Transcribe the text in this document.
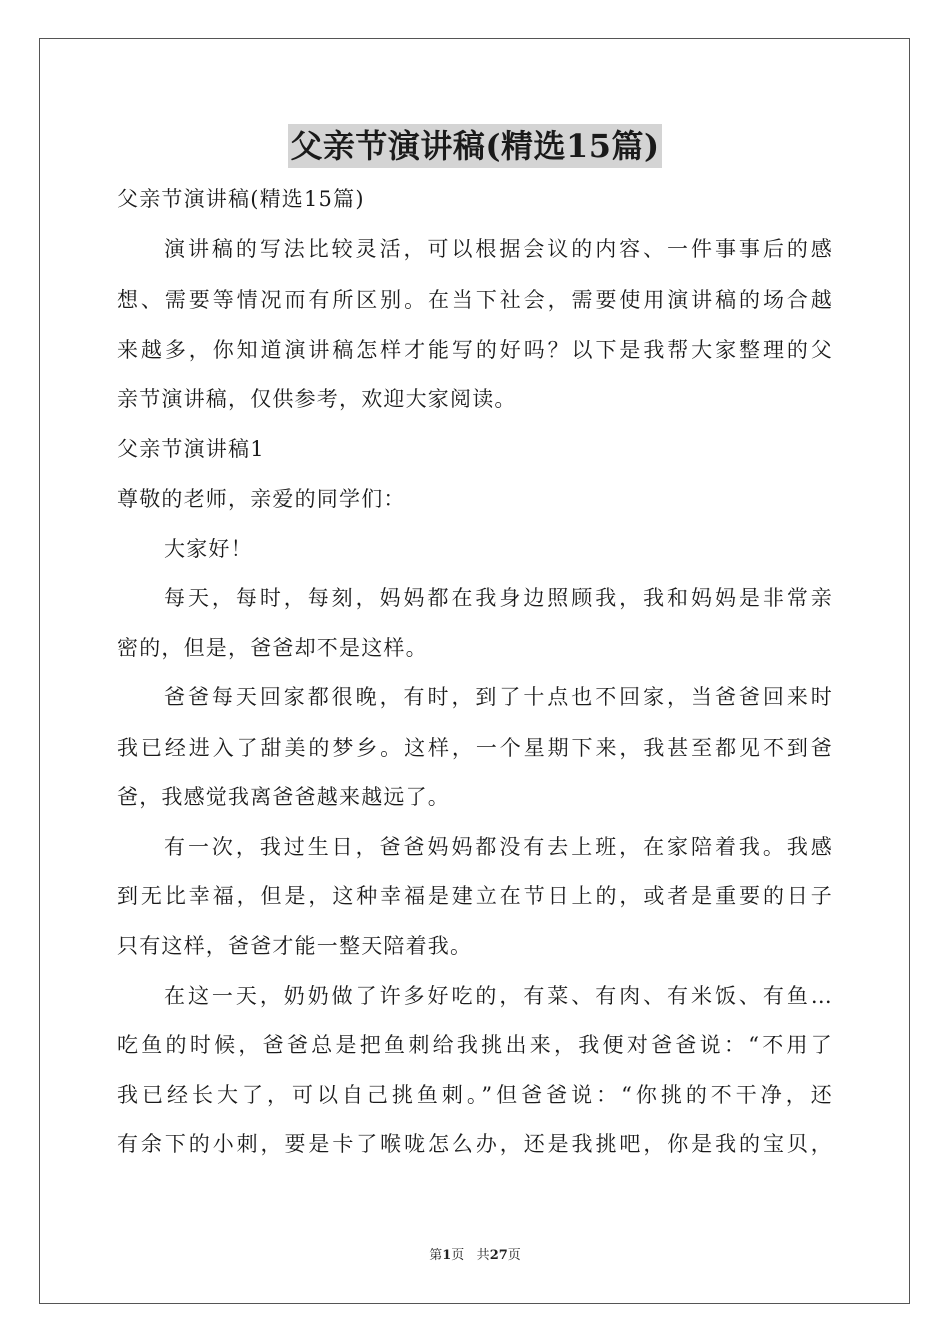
父亲节演讲稿(精选15篇)
父亲节演讲稿(精选15篇)
演讲稿的写法比较灵活，可以根据会议的内容、一件事事后的感
想、需要等情况而有所区别。在当下社会，需要使用演讲稿的场合越
来越多，你知道演讲稿怎样才能写的好吗？以下是我帮大家整理的父
亲节演讲稿，仅供参考，欢迎大家阅读。
父亲节演讲稿1
尊敬的老师，亲爱的同学们：
大家好！
每天，每时，每刻，妈妈都在我身边照顾我，我和妈妈是非常亲
密的，但是，爸爸却不是这样。
爸爸每天回家都很晚，有时，到了十点也不回家，当爸爸回来时
我已经进入了甜美的梦乡。这样，一个星期下来，我甚至都见不到爸
爸，我感觉我离爸爸越来越远了。
有一次，我过生日，爸爸妈妈都没有去上班，在家陪着我。我感
到无比幸福，但是，这种幸福是建立在节日上的，或者是重要的日子
只有这样，爸爸才能一整天陪着我。
在这一天，奶奶做了许多好吃的，有菜、有肉、有米饭、有鱼…
吃鱼的时候，爸爸总是把鱼刺给我挑出来，我便对爸爸说：“不用了
我已经长大了，可以自己挑鱼刺。”但爸爸说：“你挑的不干净，还
有余下的小刺，要是卡了喉咙怎么办，还是我挑吧，你是我的宝贝，
第1页 共27页
